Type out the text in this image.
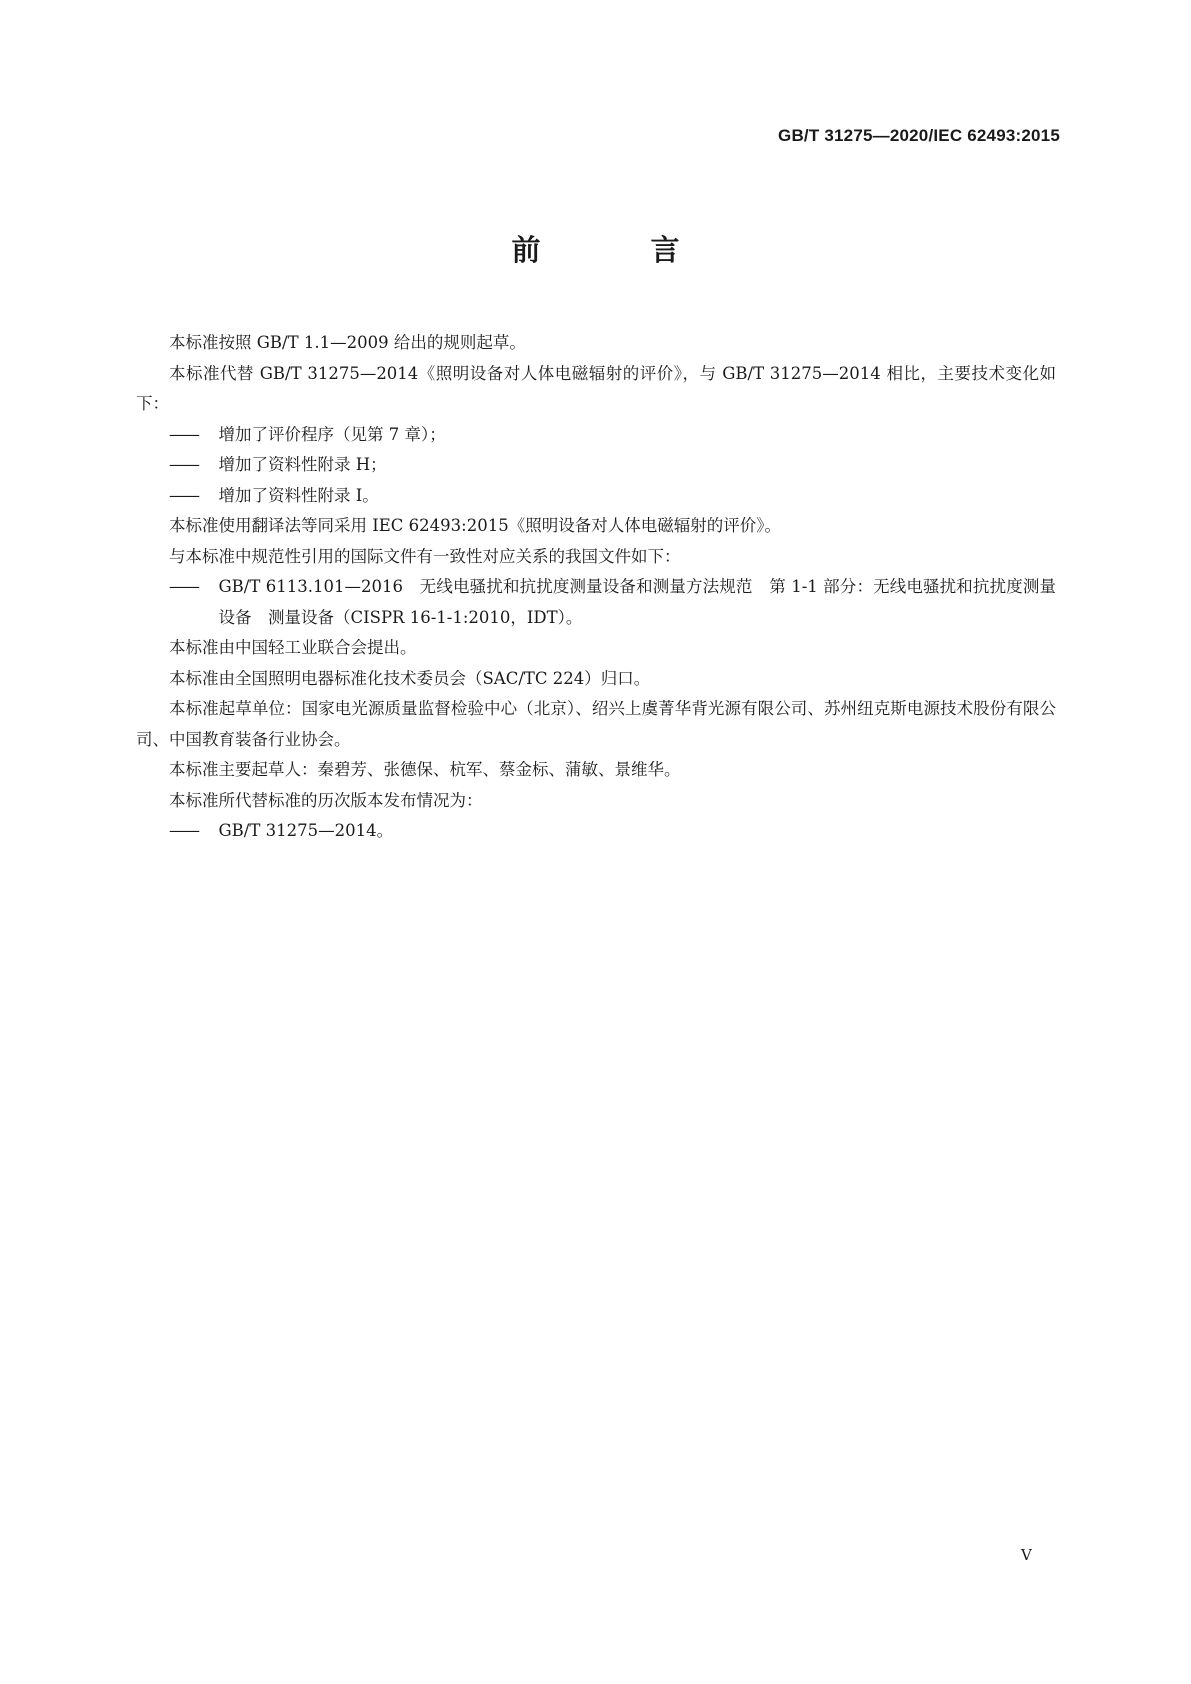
GB/T 31275—2020/IEC 62493:2015
前 言

本标准按照 GB/T 1.1—2009 给出的规则起草。

本标准代替 GB/T 31275—2014《照明设备对人体电磁辐射的评价》，与 GB/T 31275—2014 相比，主要技术变化如下：

—— 增加了评价程序（见第 7 章）；

—— 增加了资料性附录 H；

—— 增加了资料性附录 I。

本标准使用翻译法等同采用 IEC 62493:2015《照明设备对人体电磁辐射的评价》。

与本标准中规范性引用的国际文件有一致性对应关系的我国文件如下：

—— GB/T 6113.101—2016　无线电骚扰和抗扰度测量设备和测量方法规范　第 1-1 部分：无线电骚扰和抗扰度测量设备　测量设备（CISPR 16-1-1:2010，IDT）。

本标准由中国轻工业联合会提出。

本标准由全国照明电器标准化技术委员会（SAC/TC 224）归口。

本标准起草单位：国家电光源质量监督检验中心（北京）、绍兴上虞菁华背光源有限公司、苏州纽克斯电源技术股份有限公司、中国教育装备行业协会。

本标准主要起草人：秦碧芳、张德保、杭军、蔡金标、蒲敏、景维华。

本标准所代替标准的历次版本发布情况为：

—— GB/T 31275—2014。

V
